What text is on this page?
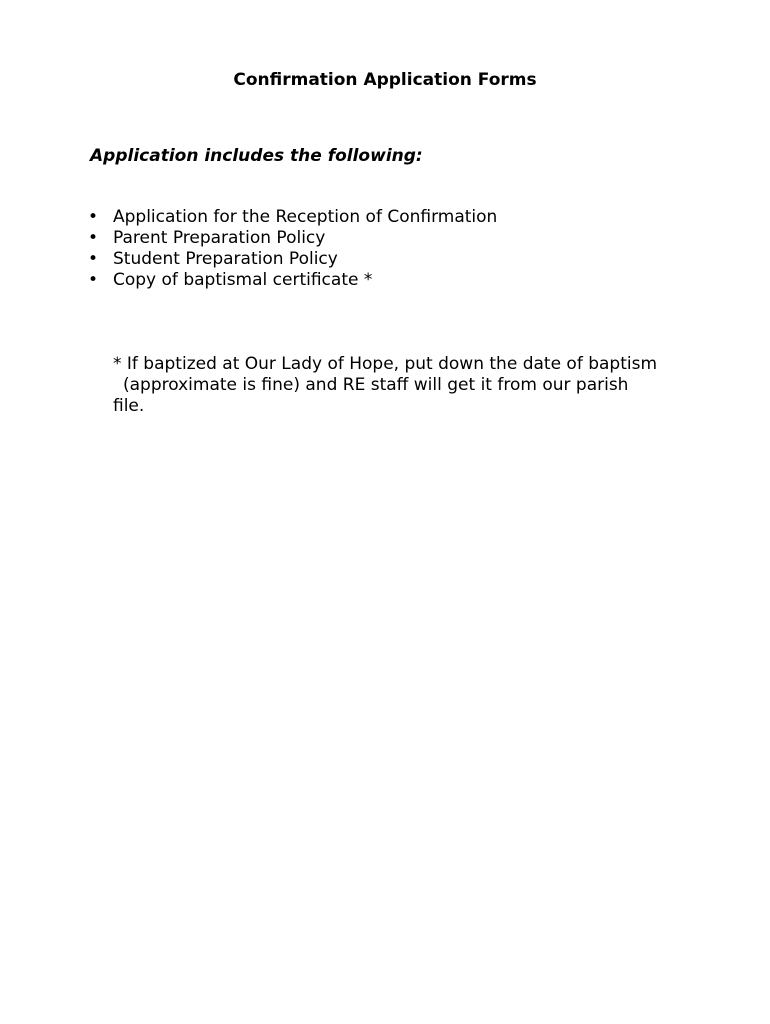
Confirmation Application Forms
Application includes the following:
• Application for the Reception of Confirmation
• Parent Preparation Policy
• Student Preparation Policy
• Copy of baptismal certificate *

* If baptized at Our Lady of Hope, put down the date of baptism
(approximate is fine) and RE staff will get it from our parish
file.
